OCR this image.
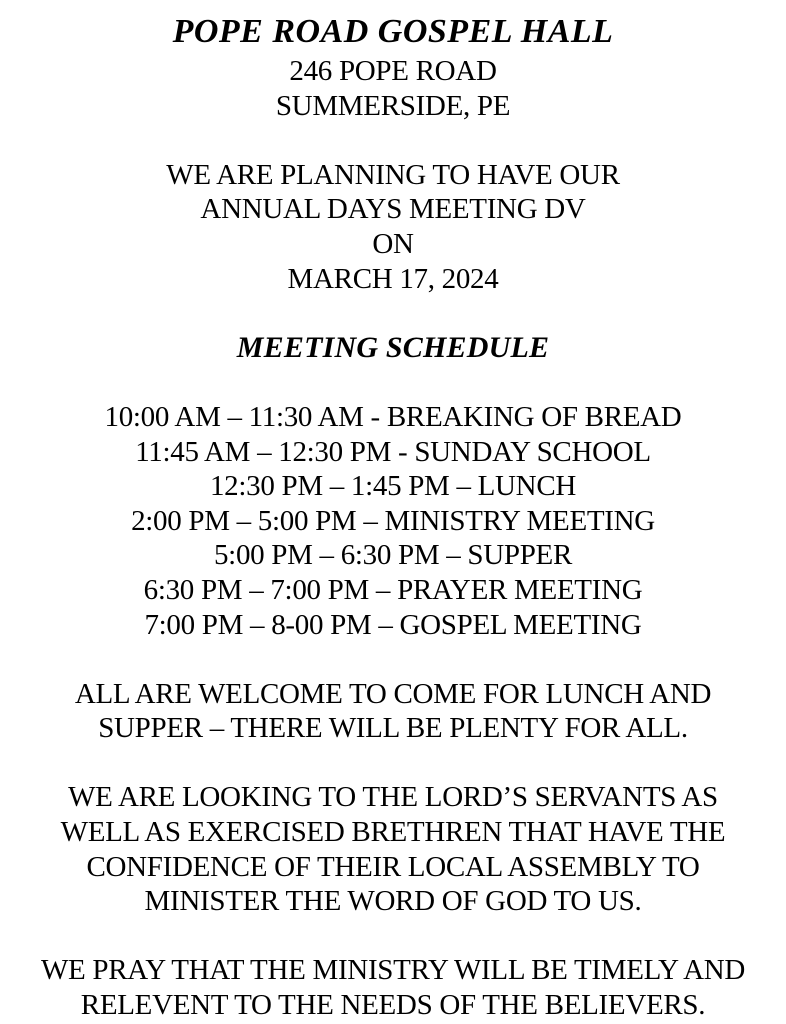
POPE ROAD GOSPEL HALL
246 POPE ROAD
SUMMERSIDE, PE
WE ARE PLANNING TO HAVE OUR
ANNUAL DAYS MEETING DV
ON
MARCH 17, 2024
MEETING SCHEDULE
10:00 AM – 11:30 AM - BREAKING OF BREAD
11:45 AM – 12:30 PM - SUNDAY SCHOOL
12:30 PM – 1:45 PM – LUNCH
2:00 PM – 5:00 PM – MINISTRY MEETING
5:00 PM – 6:30 PM – SUPPER
6:30 PM – 7:00 PM – PRAYER MEETING
7:00 PM – 8-00 PM – GOSPEL MEETING
ALL ARE WELCOME TO COME FOR LUNCH AND
SUPPER – THERE WILL BE PLENTY FOR ALL.
WE ARE LOOKING TO THE LORD’S SERVANTS AS
WELL AS EXERCISED BRETHREN THAT HAVE THE
CONFIDENCE OF THEIR LOCAL ASSEMBLY TO
MINISTER THE WORD OF GOD TO US.
WE PRAY THAT THE MINISTRY WILL BE TIMELY AND
RELEVENT TO THE NEEDS OF THE BELIEVERS.
